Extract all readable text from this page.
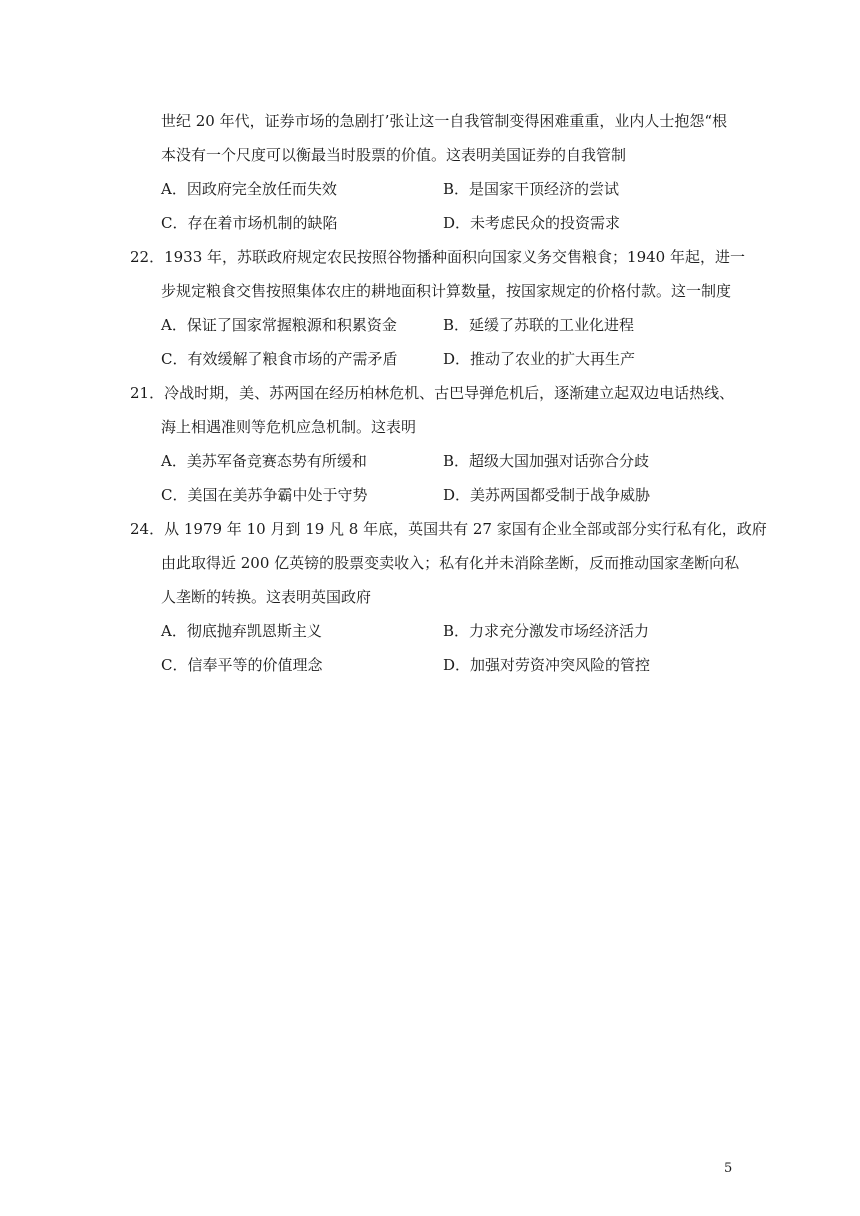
世纪 20 年代，证券市场的急剧打’张让这一自我管制变得困难重重，业内人士抱怨“根
本没有一个尺度可以衡最当时股票的价值。这表明美国证券的自我管制
A．因政府完全放任而失效	B．是国家干顶经济的尝试
C．存在着市场机制的缺陷	D．未考虑民众的投资需求
22．1933 年，苏联政府规定农民按照谷物播种面积向国家义务交售粮食；1940 年起，进一
步规定粮食交售按照集体农庄的耕地面积计算数量，按国家规定的价格付款。这一制度
A．保证了国家常握粮源和积累资金	B．延缓了苏联的工业化进程
C．有效缓解了粮食市场的产需矛盾	D．推动了农业的扩大再生产
21．冷战时期，美、苏两国在经历柏林危机、古巴导弹危机后，逐渐建立起双边电话热线、
海上相遇准则等危机应急机制。这表明
A．美苏军备竞赛态势有所缓和	B．超级大国加强对话弥合分歧
C．美国在美苏争霸中处于守势	D．美苏两国都受制于战争威胁
24．从 1979 年 10 月到 19 凡 8 年底，英国共有 27 家国有企业全部或部分实行私有化，政府
由此取得近 200 亿英镑的股票变卖收入；私有化并未消除垄断，反而推动国家垄断向私
人垄断的转换。这表明英国政府
A．彻底抛弃凯恩斯主义	B．力求充分激发市场经济活力
C．信奉平等的价值理念	D．加强对劳资冲突风险的管控
5
